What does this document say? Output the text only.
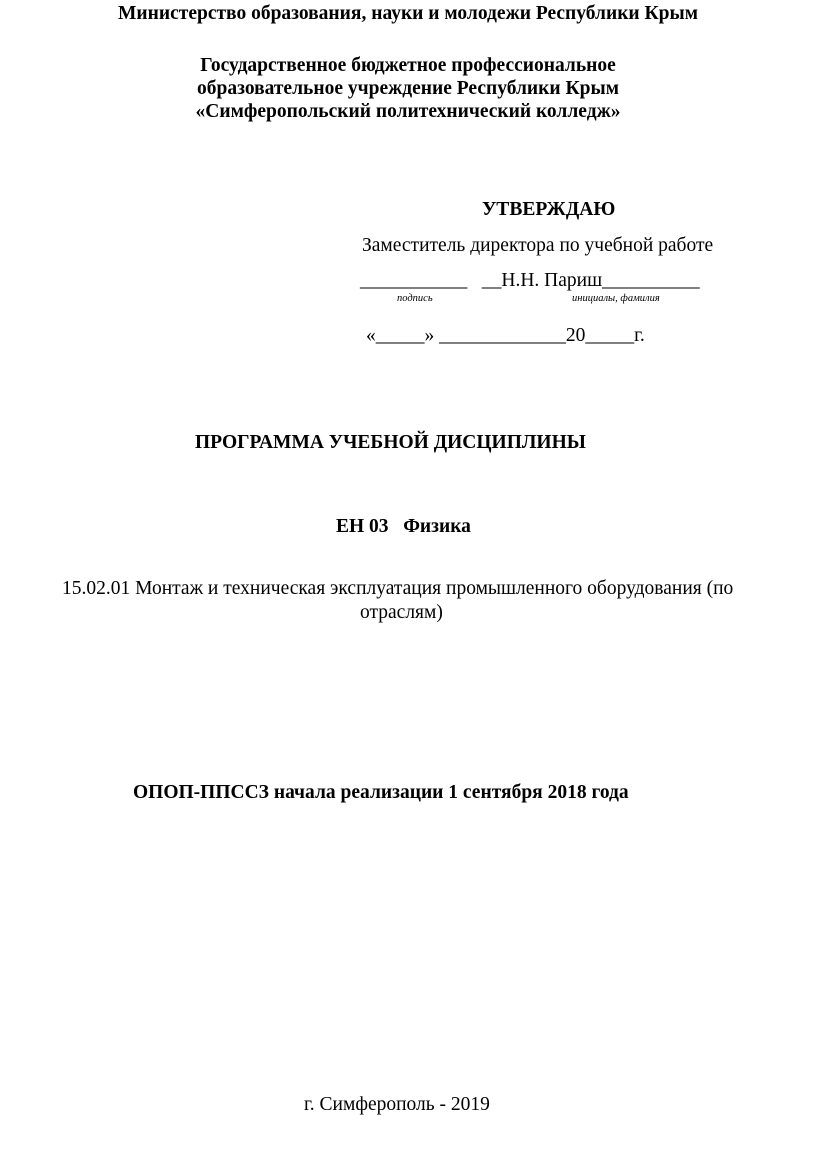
Министерство образования, науки и молодежи Республики Крым
Государственное бюджетное профессиональное
образовательное учреждение Республики Крым
«Симферопольский политехнический колледж»
УТВЕРЖДАЮ
Заместитель директора по учебной работе
___________ __Н.Н. Париш__________
подпись	инициалы, фамилия
«_____» _____________20_____г.
ПРОГРАММА УЧЕБНОЙ ДИСЦИПЛИНЫ
ЕН 03 Физика
15.02.01 Монтаж и техническая эксплуатация промышленного оборудования (по
отраслям)
ОПОП-ППССЗ начала реализации 1 сентября 2018 года
г. Симферополь - 2019
